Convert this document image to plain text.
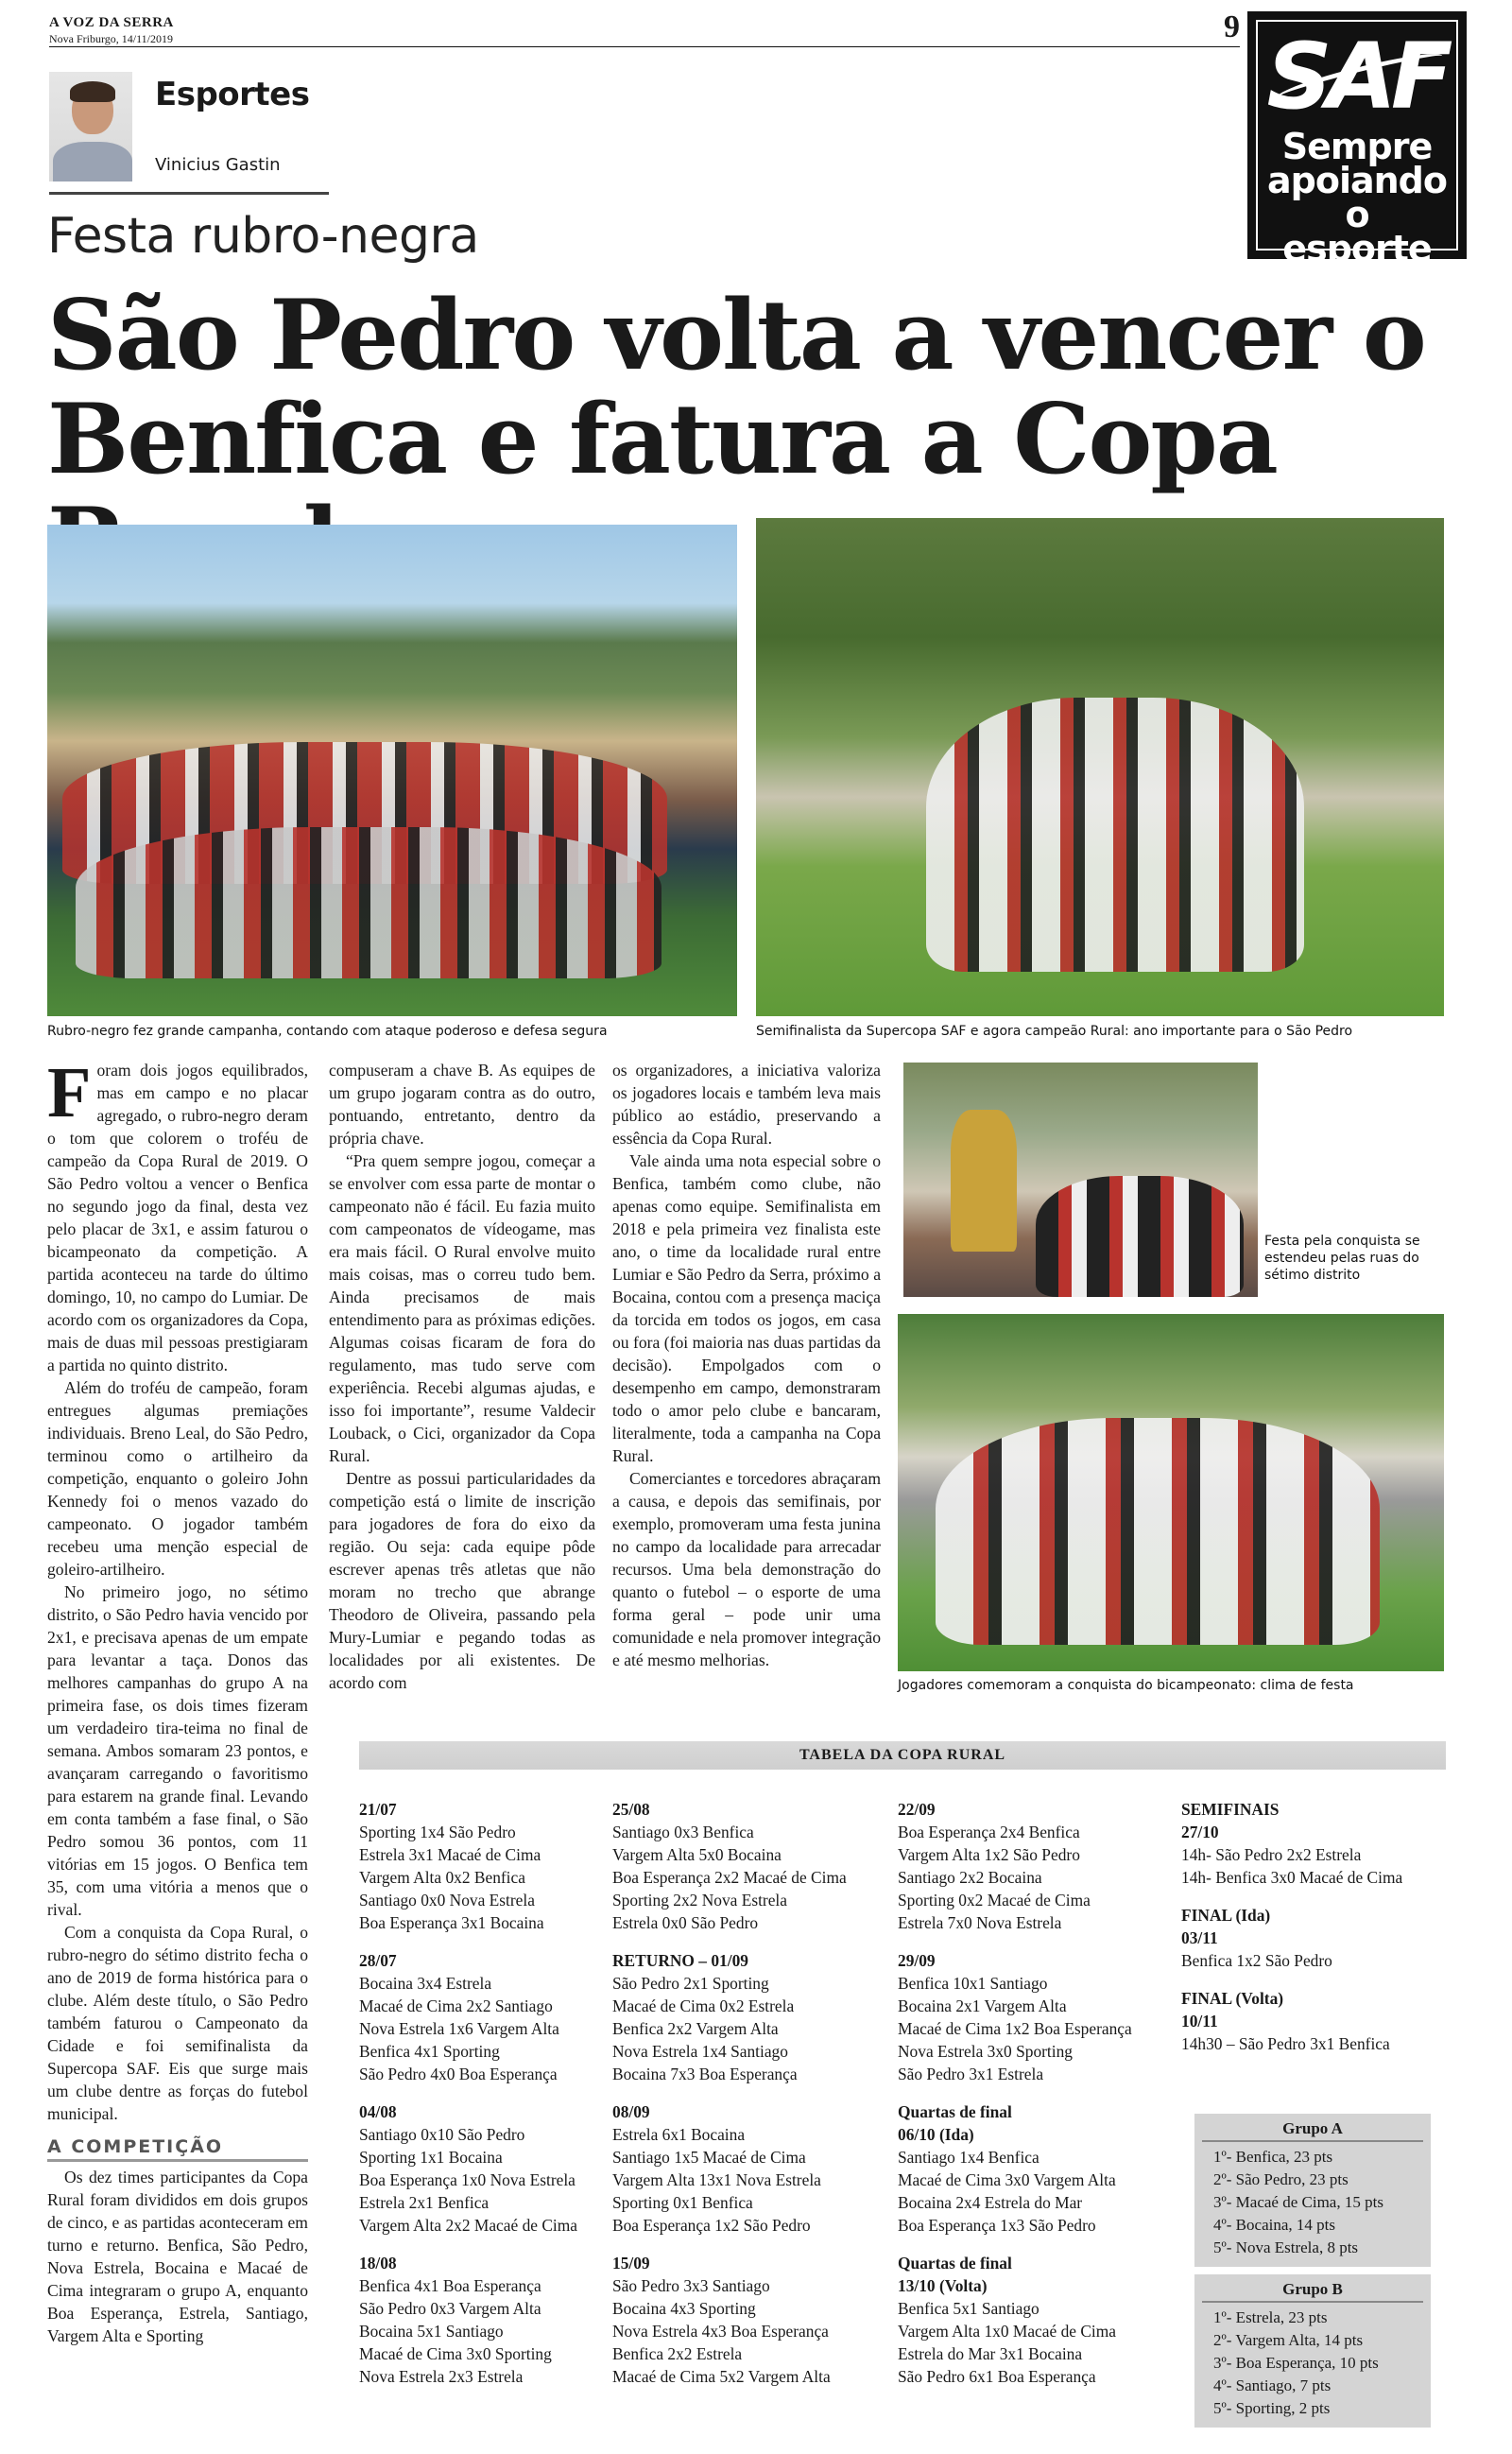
A VOZ DA SERRA
Nova Friburgo, 14/11/2019	9 SAF
Sempre
apoiando o
esporte
Esportes
Vinicius Gastin
Festa rubro-negra
São Pedro volta a vencer o
Benfica e fatura a Copa
Rubro-negro fez grande campanha, contando com ataque poderoso e defesa segura	Semifinalista da Supercopa SAF e agora campeão Rural: ano importante para o São Pedro
Festa pela conquista se estendeu pelas ruas do sétimo distrito
Jogadores comemoram a conquista do bicampeonato: clima de festa

Foram dois jogos equilibrados, mas em campo e no placar agregado, o rubro-negro deram o tom que colorem o troféu de campeão da Copa Rural de 2019. O São Pedro voltou a vencer o Benfica no segundo jogo da final, desta vez pelo placar de 3x1, e assim faturou o bicampeonato da competição. A partida aconteceu na tarde do último domingo, 10, no campo do Lumiar. De acordo com os organizadores da Copa, mais de duas mil pessoas prestigiaram a partida no quinto distrito.

Além do troféu de campeão, foram entregues algumas premiações individuais. Breno Leal, do São Pedro, terminou como o artilheiro da competição, enquanto o goleiro John Kennedy foi o menos vazado do campeonato. O jogador também recebeu uma menção especial de goleiro-artilheiro.

No primeiro jogo, no sétimo distrito, o São Pedro havia vencido por 2x1, e precisava apenas de um empate para levantar a taça. Donos das melhores campanhas do grupo A na primeira fase, os dois times fizeram um verdadeiro tira-teima no final de semana. Ambos somaram 23 pontos, e avançaram carregando o favoritismo para estarem na grande final. Levando em conta também a fase final, o São Pedro somou 36 pontos, com 11 vitórias em 15 jogos. O Benfica tem 35, com uma vitória a menos que o rival.

Com a conquista da Copa Rural, o rubro-negro do sétimo distrito fecha o ano de 2019 de forma histórica para o clube. Além deste título, o São Pedro também faturou o Campeonato da Cidade e foi semifinalista da Supercopa SAF. Eis que surge mais um clube dentre as forças do futebol municipal.

A COMPETIÇÃO

Os dez times participantes da Copa Rural foram divididos em dois grupos de cinco, e as partidas aconteceram em turno e returno. Benfica, São Pedro, Nova Estrela, Bocaina e Macaé de Cima integraram o grupo A, enquanto Boa Esperança, Estrela, Santiago, Vargem Alta e Sporting

compuseram a chave B. As equipes de um grupo jogaram contra as do outro, pontuando, entretanto, dentro da própria chave.

“Pra quem sempre jogou, começar a se envolver com essa parte de montar o campeonato não é fácil. Eu fazia muito com campeonatos de vídeogame, mas era mais fácil. O Rural envolve muito mais coisas, mas o correu tudo bem. Ainda precisamos de mais entendimento para as próximas edições. Algumas coisas ficaram de fora do regulamento, mas tudo serve com experiência. Recebi algumas ajudas, e isso foi importante”, resume Valdecir Louback, o Cici, organizador da Copa Rural.

Dentre as possui particularidades da competição está o limite de inscrição para jogadores de fora do eixo da região. Ou seja: cada equipe pôde escrever apenas três atletas que não moram no trecho que abrange Theodoro de Oliveira, passando pela Mury-Lumiar e pegando todas as localidades por ali existentes. De acordo com

os organizadores, a iniciativa valoriza os jogadores locais e também leva mais público ao estádio, preservando a essência da Copa Rural.

Vale ainda uma nota especial sobre o Benfica, também como clube, não apenas como equipe. Semifinalista em 2018 e pela primeira vez finalista este ano, o time da localidade rural entre Lumiar e São Pedro da Serra, próximo a Bocaina, contou com a presença maciça da torcida em todos os jogos, em casa ou fora (foi maioria nas duas partidas da decisão). Empolgados com o desempenho em campo, demonstraram todo o amor pelo clube e bancaram, literalmente, toda a campanha na Copa Rural.

Comerciantes e torcedores abraçaram a causa, e depois das semifinais, por exemplo, promoveram uma festa junina no campo da localidade para arrecadar recursos. Uma bela demonstração do quanto o futebol – o esporte de uma forma geral – pode unir uma comunidade e nela promover integração e até mesmo melhorias.

TABELA DA COPA RURAL
21/07
Sporting 1x4 São Pedro
Estrela 3x1 Macaé de Cima
Vargem Alta 0x2 Benfica
Santiago 0x0 Nova Estrela
Boa Esperança 3x1 Bocaina
28/07
Bocaina 3x4 Estrela
Macaé de Cima 2x2 Santiago
Nova Estrela 1x6 Vargem Alta
Benfica 4x1 Sporting
São Pedro 4x0 Boa Esperança
04/08
Santiago 0x10 São Pedro
Sporting 1x1 Bocaina
Boa Esperança 1x0 Nova Estrela
Estrela 2x1 Benfica
Vargem Alta 2x2 Macaé de Cima
18/08
Benfica 4x1 Boa Esperança
São Pedro 0x3 Vargem Alta
Bocaina 5x1 Santiago
Macaé de Cima 3x0 Sporting
Nova Estrela 2x3 Estrela
25/08
Santiago 0x3 Benfica
Vargem Alta 5x0 Bocaina
Boa Esperança 2x2 Macaé de Cima
Sporting 2x2 Nova Estrela
Estrela 0x0 São Pedro
RETURNO – 01/09
São Pedro 2x1 Sporting
Macaé de Cima 0x2 Estrela
Benfica 2x2 Vargem Alta
Nova Estrela 1x4 Santiago
Bocaina 7x3 Boa Esperança
08/09
Estrela 6x1 Bocaina
Santiago 1x5 Macaé de Cima
Vargem Alta 13x1 Nova Estrela
Sporting 0x1 Benfica
Boa Esperança 1x2 São Pedro
15/09
São Pedro 3x3 Santiago
Bocaina 4x3 Sporting
Nova Estrela 4x3 Boa Esperança
Benfica 2x2 Estrela
Macaé de Cima 5x2 Vargem Alta
22/09
Boa Esperança 2x4 Benfica
Vargem Alta 1x2 São Pedro
Santiago 2x2 Bocaina
Sporting 0x2 Macaé de Cima
Estrela 7x0 Nova Estrela
29/09
Benfica 10x1 Santiago
Bocaina 2x1 Vargem Alta
Macaé de Cima 1x2 Boa Esperança
Nova Estrela 3x0 Sporting
São Pedro 3x1 Estrela
Quartas de final
06/10 (Ida)
Santiago 1x4 Benfica
Macaé de Cima 3x0 Vargem Alta
Bocaina 2x4 Estrela do Mar
Boa Esperança 1x3 São Pedro
Quartas de final
13/10 (Volta)
Benfica 5x1 Santiago
Vargem Alta 1x0 Macaé de Cima
Estrela do Mar 3x1 Bocaina
São Pedro 6x1 Boa Esperança
SEMIFINAIS
27/10
14h- São Pedro 2x2 Estrela
14h- Benfica 3x0 Macaé de Cima
FINAL (Ida)
03/11
Benfica 1x2 São Pedro
FINAL (Volta)
10/11
14h30 – São Pedro 3x1 Benfica
Grupo A
1º- Benfica, 23 pts
2º- São Pedro, 23 pts
3º- Macaé de Cima, 15 pts
4º- Bocaina, 14 pts
5º- Nova Estrela, 8 pts
Grupo B
1º- Estrela, 23 pts
2º- Vargem Alta, 14 pts
3º- Boa Esperança, 10 pts
4º- Santiago, 7 pts
5º- Sporting, 2 pts
